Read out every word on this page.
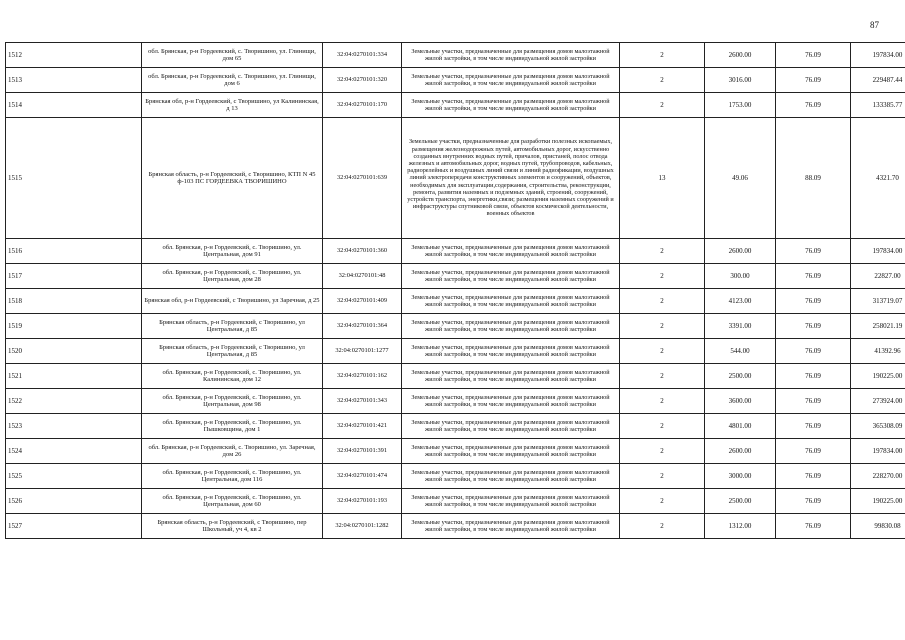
87
1512	обл. Брянская, р-н Гордеевский, с. Творишино, ул. Глинищи, дом 65	32:04:0270101:334	Земельные участки, предназначенные для размещения домов малоэтажной жилой застройки, в том числе индивидуальной жилой застройки	2	2600.00	76.09	197834.00
1513	обл. Брянская, р-н Гордеевский, с. Творишино, ул. Глинищи, дом 6	32:04:0270101:320	Земельные участки, предназначенные для размещения домов малоэтажной жилой застройки, в том числе индивидуальной жилой застройки	2	3016.00	76.09	229487.44
1514	Брянская обл, р-н Гордеевский, с Творишино, ул Калининская, д 13	32:04:0270101:170	Земельные участки, предназначенные для размещения домов малоэтажной жилой застройки, в том числе индивидуальной жилой застройки	2	1753.00	76.09	133385.77
1515	Брянская область, р-н Гордеевский, с Творишино, КТП N 45 ф-103 ПС ГОРДЕЕВКА ТВОРИШИНО	32:04:0270101:639	Земельные участки, предназначенные для разработки полезных ископаемых, размещения железнодорожных путей, автомобильных дорог, искусственно созданных внутренних водных путей, причалов, пристаней, полос отвода железных и автомобильных дорог, водных путей, трубопроводов, кабельных, радиорелейных и воздушных линий связи и линий радиофикации, воздушных линий электропередачи конструктивных элементов и сооружений, объектов, необходимых для эксплуатации,содержания, строительства, реконструкции, ремонта, развития наземных и подземных зданий, строений, сооружений, устройств транспорта, энергетики,связи; размещения наземных сооружений и инфраструктуры спутниковой связи, объектов космической деятельности, военных объектов	13	49.06	88.09	4321.70
1516	обл. Брянская, р-н Гордеевский, с. Творишино, ул. Центральная, дом 91	32:04:0270101:360	Земельные участки, предназначенные для размещения домов малоэтажной жилой застройки, в том числе индивидуальной жилой застройки	2	2600.00	76.09	197834.00
1517	обл. Брянская, р-н Гордеевский, с. Творишино, ул. Центральная, дом 28	32:04:0270101:48	Земельные участки, предназначенные для размещения домов малоэтажной жилой застройки, в том числе индивидуальной жилой застройки	2	300.00	76.09	22827.00
1518	Брянская обл, р-н Гордеевский, с Творишино, ул Заречная, д 25	32:04:0270101:409	Земельные участки, предназначенные для размещения домов малоэтажной жилой застройки, в том числе индивидуальной жилой застройки	2	4123.00	76.09	313719.07
1519	Брянская область, р-н Гордеевский, с Творишино, ул Центральная, д 85	32:04:0270101:364	Земельные участки, предназначенные для размещения домов малоэтажной жилой застройки, в том числе индивидуальной жилой застройки	2	3391.00	76.09	258021.19
1520	Брянская область, р-н Гордеевский, с Творишино, ул Центральная, д 85	32:04:0270101:1277	Земельные участки, предназначенные для размещения домов малоэтажной жилой застройки, в том числе индивидуальной жилой застройки	2	544.00	76.09	41392.96
1521	обл. Брянская, р-н Гордеевский, с. Творишино, ул. Калининская, дом 12	32:04:0270101:162	Земельные участки, предназначенные для размещения домов малоэтажной жилой застройки, в том числе индивидуальной жилой застройки	2	2500.00	76.09	190225.00
1522	обл. Брянская, р-н Гордеевский, с. Творишино, ул. Центральная, дом 98	32:04:0270101:343	Земельные участки, предназначенные для размещения домов малоэтажной жилой застройки, в том числе индивидуальной жилой застройки	2	3600.00	76.09	273924.00
1523	обл. Брянская, р-н Гордеевский, с. Творишино, ул. Пышковщина, дом 1	32:04:0270101:421	Земельные участки, предназначенные для размещения домов малоэтажной жилой застройки, в том числе индивидуальной жилой застройки	2	4801.00	76.09	365308.09
1524	обл. Брянская, р-н Гордеевский, с. Творишино, ул. Заречная, дом 26	32:04:0270101:391	Земельные участки, предназначенные для размещения домов малоэтажной жилой застройки, в том числе индивидуальной жилой застройки	2	2600.00	76.09	197834.00
1525	обл. Брянская, р-н Гордеевский, с. Творишино, ул. Центральная, дом 116	32:04:0270101:474	Земельные участки, предназначенные для размещения домов малоэтажной жилой застройки, в том числе индивидуальной жилой застройки	2	3000.00	76.09	228270.00
1526	обл. Брянская, р-н Гордеевский, с. Творишино, ул. Центральная, дом 60	32:04:0270101:193	Земельные участки, предназначенные для размещения домов малоэтажной жилой застройки, в том числе индивидуальной жилой застройки	2	2500.00	76.09	190225.00
1527	Брянская область, р-н Гордеевский, с Творишино, пер Школьный, уч 4, кв 2	32:04:0270101:1282	Земельные участки, предназначенные для размещения домов малоэтажной жилой застройки, в том числе индивидуальной жилой застройки	2	1312.00	76.09	99830.08
